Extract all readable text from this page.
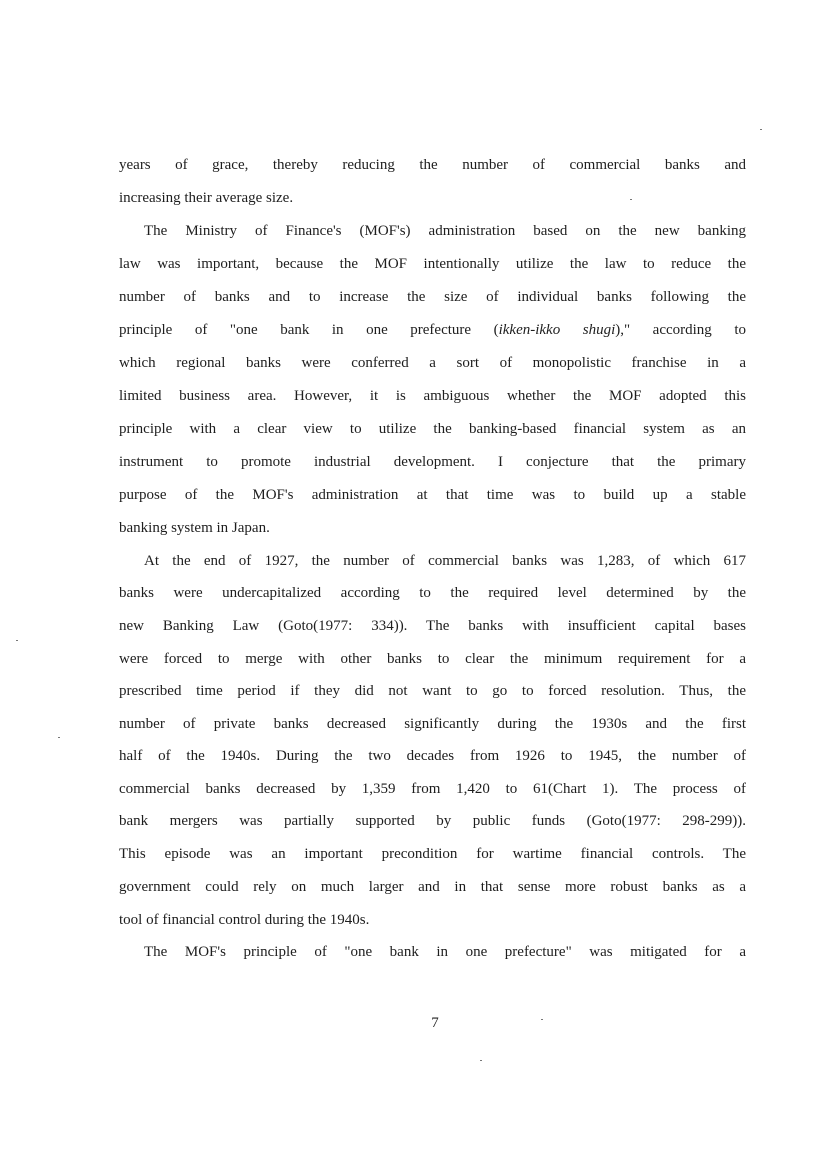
years of grace, thereby reducing the number of commercial banks and
increasing their average size.
The Ministry of Finance's (MOF's) administration based on the new banking
law was important, because the MOF intentionally utilize the law to reduce the
number of banks and to increase the size of individual banks following the
principle of "one bank in one prefecture (ikken-ikko shugi)," according to
which regional banks were conferred a sort of monopolistic franchise in a
limited business area. However, it is ambiguous whether the MOF adopted this
principle with a clear view to utilize the banking-based financial system as an
instrument to promote industrial development. I conjecture that the primary
purpose of the MOF's administration at that time was to build up a stable
banking system in Japan.
At the end of 1927, the number of commercial banks was 1,283, of which 617
banks were undercapitalized according to the required level determined by the
new Banking Law (Goto(1977: 334)). The banks with insufficient capital bases
were forced to merge with other banks to clear the minimum requirement for a
prescribed time period if they did not want to go to forced resolution. Thus, the
number of private banks decreased significantly during the 1930s and the first
half of the 1940s. During the two decades from 1926 to 1945, the number of
commercial banks decreased by 1,359 from 1,420 to 61(Chart 1). The process of
bank mergers was partially supported by public funds (Goto(1977: 298-299)).
This episode was an important precondition for wartime financial controls. The
government could rely on much larger and in that sense more robust banks as a
tool of financial control during the 1940s.
The MOF's principle of "one bank in one prefecture" was mitigated for a
7
